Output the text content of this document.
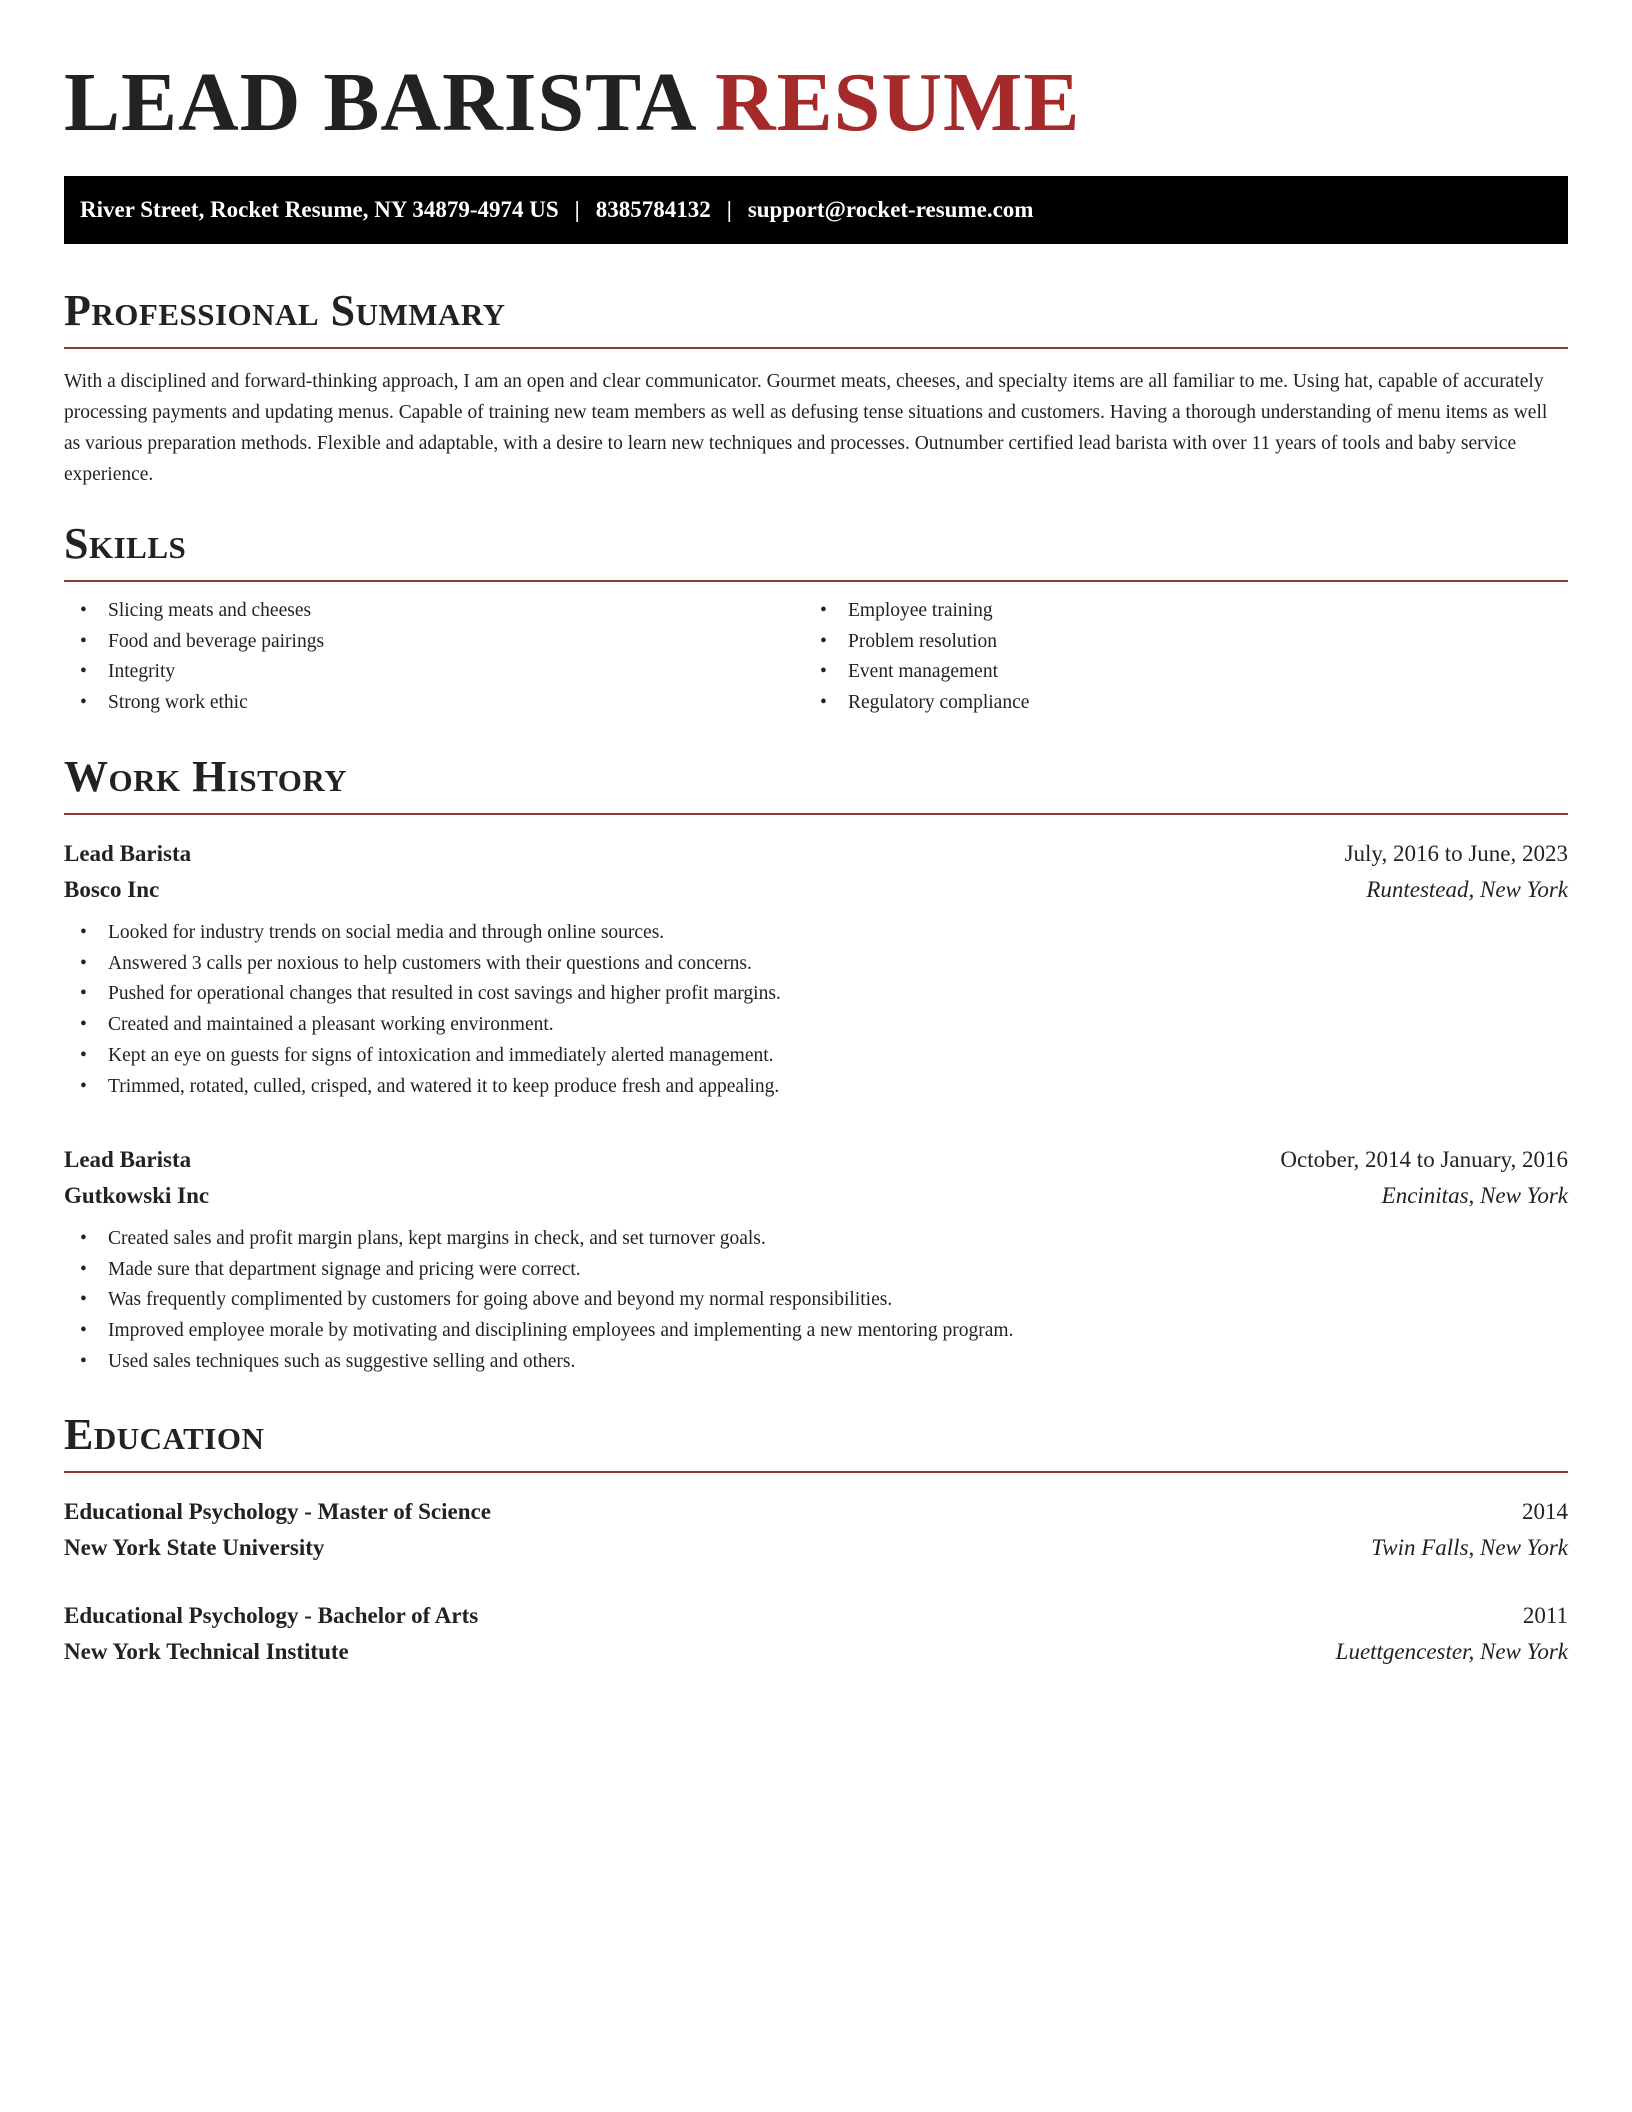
LEAD BARISTA RESUME
River Street, Rocket Resume, NY 34879-4974 US | 8385784132 | support@rocket-resume.com
Professional Summary

With a disciplined and forward-thinking approach, I am an open and clear communicator. Gourmet meats, cheeses, and specialty items are all familiar to me. Using hat, capable of accurately processing payments and updating menus. Capable of training new team members as well as defusing tense situations and customers. Having a thorough understanding of menu items as well as various preparation methods. Flexible and adaptable, with a desire to learn new techniques and processes. Outnumber certified lead barista with over 11 years of tools and baby service experience.

Skills
• Slicing meats and cheeses
• Food and beverage pairings
• Integrity
• Strong work ethic
• Employee training
• Problem resolution
• Event management
• Regulatory compliance
Work History
Lead Barista	July, 2016 to June, 2023
Bosco Inc	Runtestead, New York
• Looked for industry trends on social media and through online sources.
• Answered 3 calls per noxious to help customers with their questions and concerns.
• Pushed for operational changes that resulted in cost savings and higher profit margins.
• Created and maintained a pleasant working environment.
• Kept an eye on guests for signs of intoxication and immediately alerted management.
• Trimmed, rotated, culled, crisped, and watered it to keep produce fresh and appealing.
Lead Barista	October, 2014 to January, 2016
Gutkowski Inc	Encinitas, New York
• Created sales and profit margin plans, kept margins in check, and set turnover goals.
• Made sure that department signage and pricing were correct.
• Was frequently complimented by customers for going above and beyond my normal responsibilities.
• Improved employee morale by motivating and disciplining employees and implementing a new mentoring program.
• Used sales techniques such as suggestive selling and others.
Education
Educational Psychology - Master of Science	2014
New York State University	Twin Falls, New York
Educational Psychology - Bachelor of Arts	2011
New York Technical Institute	Luettgencester, New York
